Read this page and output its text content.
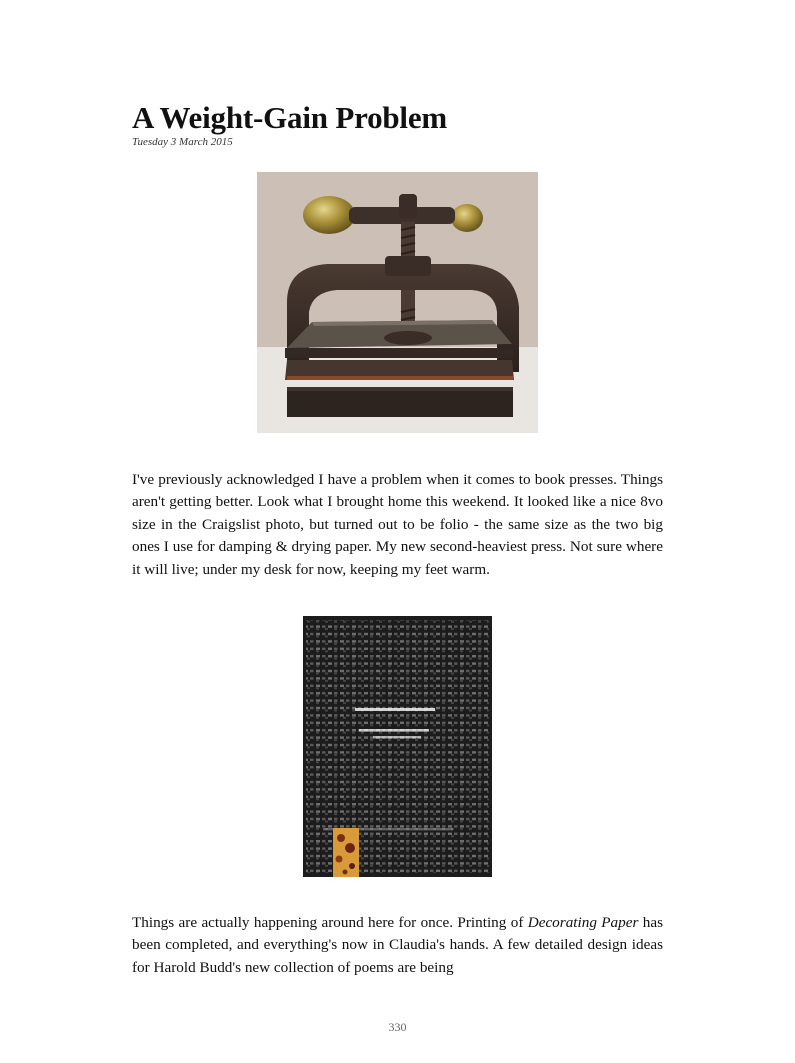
A Weight-Gain Problem
Tuesday 3 March 2015

I've previously acknowledged I have a problem when it comes to book presses. Things aren't getting better. Look what I brought home this weekend. It looked like a nice 8vo size in the Craigslist photo, but turned out to be folio - the same size as the two big ones I use for damping & drying paper. My new second-heaviest press. Not sure where it will live; under my desk for now, keeping my feet warm.

Things are actually happening around here for once. Printing of Decorating Paper has been completed, and everything's now in Claudia's hands. A few detailed design ideas for Harold Budd's new collection of poems are being

330
